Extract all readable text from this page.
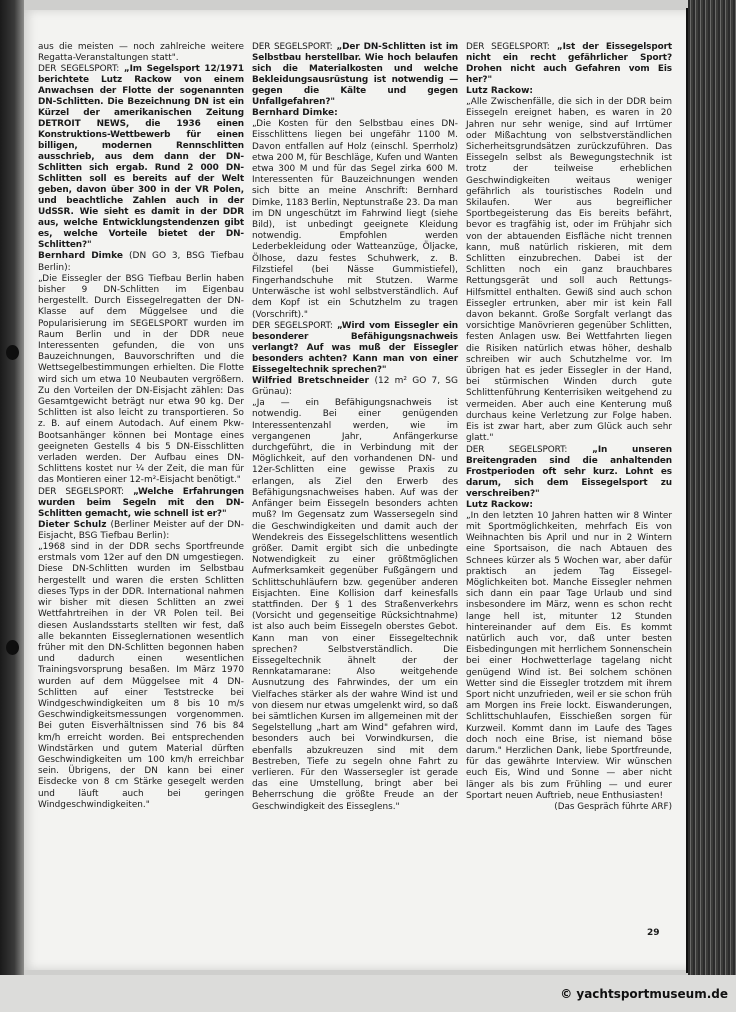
aus die meisten — noch zahlreiche weitere Regatta-Veranstaltungen statt".

DER SEGELSPORT: „Im Segelsport 12/1971 berichtete Lutz Rackow von einem Anwachsen der Flotte der sogenannten DN-Schlitten. Die Bezeichnung DN ist ein Kürzel der amerikanischen Zeitung DETROIT NEWS, die 1936 einen Konstruktions-Wettbewerb für einen billigen, modernen Rennschlitten ausschrieb, aus dem dann der DN-Schlitten sich ergab. Rund 2 000 DN-Schlitten soll es bereits auf der Welt geben, davon über 300 in der VR Polen, und beachtliche Zahlen auch in der UdSSR. Wie sieht es damit in der DDR aus, welche Entwicklungstendenzen gibt es, welche Vorteile bietet der DN-Schlitten?"

Bernhard Dimke (DN GO 3, BSG Tiefbau Berlin):

„Die Eissegler der BSG Tiefbau Berlin haben bisher 9 DN-Schlitten im Eigenbau hergestellt. Durch Eissegelregatten der DN-Klasse auf dem Müggelsee und die Popularisierung im SEGELSPORT wurden im Raum Berlin und in der DDR neue Interessenten gefunden, die von uns Bauzeichnungen, Bauvorschriften und die Wettsegelbestimmungen erhielten. Die Flotte wird sich um etwa 10 Neubauten vergrößern. Zu den Vorteilen der DN-Eisjacht zählen: Das Gesamtgewicht beträgt nur etwa 90 kg. Der Schlitten ist also leicht zu transportieren. So z. B. auf einem Autodach. Auf einem Pkw-Bootsanhänger können bei Montage eines geeigneten Gestells 4 bis 5 DN-Eisschlitten verladen werden. Der Aufbau eines DN-Schlittens kostet nur ¼ der Zeit, die man für das Montieren einer 12-m²-Eisjacht benötigt."

DER SEGELSPORT: „Welche Erfahrungen wurden beim Segeln mit den DN-Schlitten gemacht, wie schnell ist er?"

Dieter Schulz (Berliner Meister auf der DN-Eisjacht, BSG Tiefbau Berlin):

„1968 sind in der DDR sechs Sportfreunde erstmals vom 12er auf den DN umgestiegen. Diese DN-Schlitten wurden im Selbstbau hergestellt und waren die ersten Schlitten dieses Typs in der DDR. International nahmen wir bisher mit diesen Schlitten an zwei Wettfahrtreihen in der VR Polen teil. Bei diesen Auslandsstarts stellten wir fest, daß alle bekannten Eisseglernationen wesentlich früher mit den DN-Schlitten begonnen haben und dadurch einen wesentlichen Trainingsvorsprung besaßen. Im März 1970 wurden auf dem Müggelsee mit 4 DN-Schlitten auf einer Teststrecke bei Windgeschwindigkeiten um 8 bis 10 m/s Geschwindigkeitsmessungen vorgenommen. Bei guten Eisverhältnissen sind 76 bis 84 km/h erreicht worden. Bei entsprechenden Windstärken und gutem Material dürften Geschwindigkeiten um 100 km/h erreichbar sein. Übrigens, der DN kann bei einer Eisdecke von 8 cm Stärke gesegelt werden und läuft auch bei geringen Windgeschwindigkeiten."

DER SEGELSPORT: „Der DN-Schlitten ist im Selbstbau herstellbar. Wie hoch belaufen sich die Materialkosten und welche Bekleidungsausrüstung ist notwendig — gegen die Kälte und gegen Unfallgefahren?"

Bernhard Dimke:

„Die Kosten für den Selbstbau eines DN-Eisschlittens liegen bei ungefähr 1100 M. Davon entfallen auf Holz (einschl. Sperrholz) etwa 200 M, für Beschläge, Kufen und Wanten etwa 300 M und für das Segel zirka 600 M. Interessenten für Bauzeichnungen wenden sich bitte an meine Anschrift: Bernhard Dimke, 1183 Berlin, Neptunstraße 23. Da man im DN ungeschützt im Fahrwind liegt (siehe Bild), ist unbedingt geeignete Kleidung notwendig. Empfohlen werden Lederbekleidung oder Watteanzüge, Öljacke, Ölhose, dazu festes Schuhwerk, z. B. Filzstiefel (bei Nässe Gummistiefel), Fingerhandschuhe mit Stutzen. Warme Unterwäsche ist wohl selbstverständlich. Auf dem Kopf ist ein Schutzhelm zu tragen (Vorschrift)."

DER SEGELSPORT: „Wird vom Eissegler ein besonderer Befähigungsnachweis verlangt? Auf was muß der Eissegler besonders achten? Kann man von einer Eissegeltechnik sprechen?"

Wilfried Bretschneider (12 m² GO 7, SG Grünau):

„Ja — ein Befähigungsnachweis ist notwendig. Bei einer genügenden Interessentenzahl werden, wie im vergangenen Jahr, Anfängerkurse durchgeführt, die in Verbindung mit der Möglichkeit, auf den vorhandenen DN- und 12er-Schlitten eine gewisse Praxis zu erlangen, als Ziel den Erwerb des Befähigungsnachweises haben. Auf was der Anfänger beim Eissegeln besonders achten muß? Im Gegensatz zum Wassersegeln sind die Geschwindigkeiten und damit auch der Wendekreis des Eissegelschlittens wesentlich größer. Damit ergibt sich die unbedingte Notwendigkeit zu einer größtmöglichen Aufmerksamkeit gegenüber Fußgängern und Schlittschuhläufern bzw. gegenüber anderen Eisjachten. Eine Kollision darf keinesfalls stattfinden. Der § 1 des Straßenverkehrs (Vorsicht und gegenseitige Rücksichtnahme) ist also auch beim Eissegeln oberstes Gebot. Kann man von einer Eissegeltechnik sprechen? Selbstverständlich. Die Eissegeltechnik ähnelt der der Rennkatamarane: Also weitgehende Ausnutzung des Fahrwindes, der um ein Vielfaches stärker als der wahre Wind ist und von diesem nur etwas umgelenkt wird, so daß bei sämtlichen Kursen im allgemeinen mit der Segelstellung „hart am Wind" gefahren wird, besonders auch bei Vorwindkursen, die ebenfalls abzukreuzen sind mit dem Bestreben, Tiefe zu segeln ohne Fahrt zu verlieren. Für den Wassersegler ist gerade das eine Umstellung, bringt aber bei Beherrschung die größte Freude an der Geschwindigkeit des Eisseglens."

DER SEGELSPORT: „Ist der Eissegelsport nicht ein recht gefährlicher Sport? Drohen nicht auch Gefahren vom Eis her?"

Lutz Rackow:

„Alle Zwischenfälle, die sich in der DDR beim Eissegeln ereignet haben, es waren in 20 Jahren nur sehr wenige, sind auf Irrtümer oder Mißachtung von selbstverständlichen Sicherheitsgrundsätzen zurückzuführen. Das Eissegeln selbst als Bewegungstechnik ist trotz der teilweise erheblichen Geschwindigkeiten weitaus weniger gefährlich als touristisches Rodeln und Skilaufen. Wer aus begreiflicher Sportbegeisterung das Eis bereits befährt, bevor es tragfähig ist, oder im Frühjahr sich von der abtauenden Eisfläche nicht trennen kann, muß natürlich riskieren, mit dem Schlitten einzubrechen. Dabei ist der Schlitten noch ein ganz brauchbares Rettungsgerät und soll auch Rettungs-Hilfsmittel enthalten. Gewiß sind auch schon Eissegler ertrunken, aber mir ist kein Fall davon bekannt. Große Sorgfalt verlangt das vorsichtige Manövrieren gegenüber Schlitten, festen Anlagen usw. Bei Wettfahrten liegen die Risiken natürlich etwas höher, deshalb schreiben wir auch Schutzhelme vor. Im übrigen hat es jeder Eissegler in der Hand, bei stürmischen Winden durch gute Schlittenführung Kenterrisiken weitgehend zu vermeiden. Aber auch eine Kenterung muß durchaus keine Verletzung zur Folge haben. Eis ist zwar hart, aber zum Glück auch sehr glatt."

DER SEGELSPORT:	„In unseren Breitengraden sind die anhaltenden Frostperioden oft sehr kurz. Lohnt es darum, sich dem Eissegelsport zu verschreiben?"

Lutz Rackow:

„In den letzten 10 Jahren hatten wir 8 Winter mit Sportmöglichkeiten, mehrfach Eis von Weihnachten bis April und nur in 2 Wintern eine Sportsaison, die nach Abtauen des Schnees kürzer als 5 Wochen war, aber dafür praktisch an jedem Tag Eissegel-Möglichkeiten bot. Manche Eissegler nehmen sich dann ein paar Tage Urlaub und sind insbesondere im März, wenn es schon recht lange hell ist, mitunter 12 Stunden hintereinander auf dem Eis. Es kommt natürlich auch vor, daß unter besten Eisbedingungen mit herrlichem Sonnenschein bei einer Hochwetterlage tagelang nicht genügend Wind ist. Bei solchem schönen Wetter sind die Eissegler trotzdem mit ihrem Sport nicht unzufrieden, weil er sie schon früh am Morgen ins Freie lockt. Eiswanderungen, Schlittschuhlaufen, Eisschießen sorgen für Kurzweil. Kommt dann im Laufe des Tages doch noch eine Brise, ist niemand böse darum." Herzlichen Dank, liebe Sportfreunde, für das gewährte Interview. Wir wünschen euch Eis, Wind und Sonne — aber nicht länger als bis zum Frühling — und eurer Sportart neuen Auftrieb, neue Enthusiasten!

(Das Gespräch führte ARF)

29
© yachtsportmuseum.de
